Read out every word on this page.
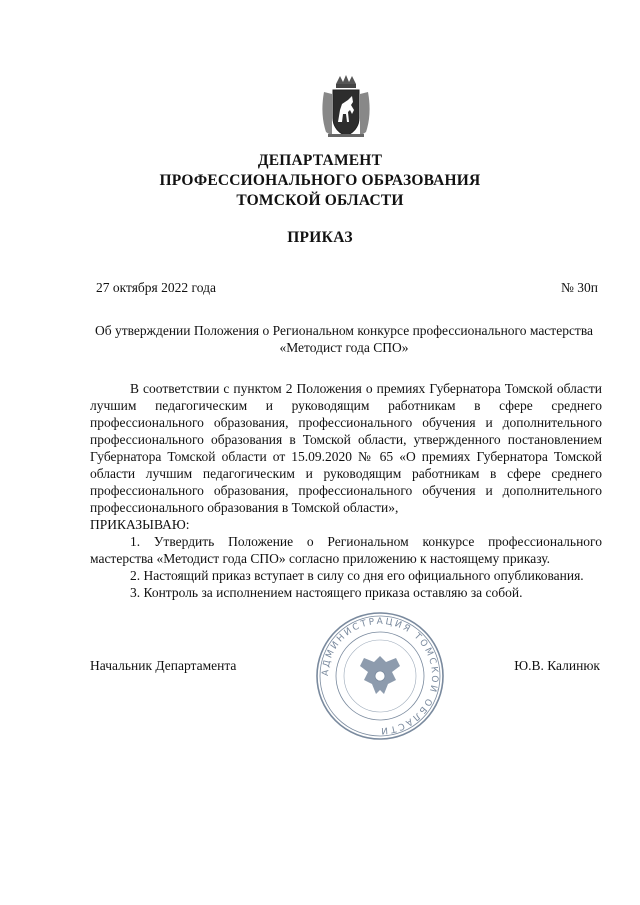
ДЕПАРТАМЕНТ
ПРОФЕССИОНАЛЬНОГО ОБРАЗОВАНИЯ
ТОМСКОЙ ОБЛАСТИ
ПРИКАЗ
27 октября 2022 года	№ 30п
Об утверждении Положения о Региональном конкурсе профессионального мастерства «Методист года СПО»

В соответствии с пунктом 2 Положения о премиях Губернатора Томской области лучшим педагогическим и руководящим работникам в сфере среднего профессионального образования, профессионального обучения и дополнительного профессионального образования в Томской области, утвержденного постановлением Губернатора Томской области от 15.09.2020 № 65 «О премиях Губернатора Томской области лучшим педагогическим и руководящим работникам в сфере среднего профессионального образования, профессионального обучения и дополнительного профессионального образования в Томской области»,

ПРИКАЗЫВАЮ:

1. Утвердить Положение о Региональном конкурсе профессионального мастерства «Методист года СПО» согласно приложению к настоящему приказу.

2. Настоящий приказ вступает в силу со дня его официального опубликования.

3. Контроль за исполнением настоящего приказа оставляю за собой.

Начальник Департамента	Ю.В. Калинюк
АДМИНИСТРАЦИЯ ТОМСКОЙ ОБЛАСТИ
